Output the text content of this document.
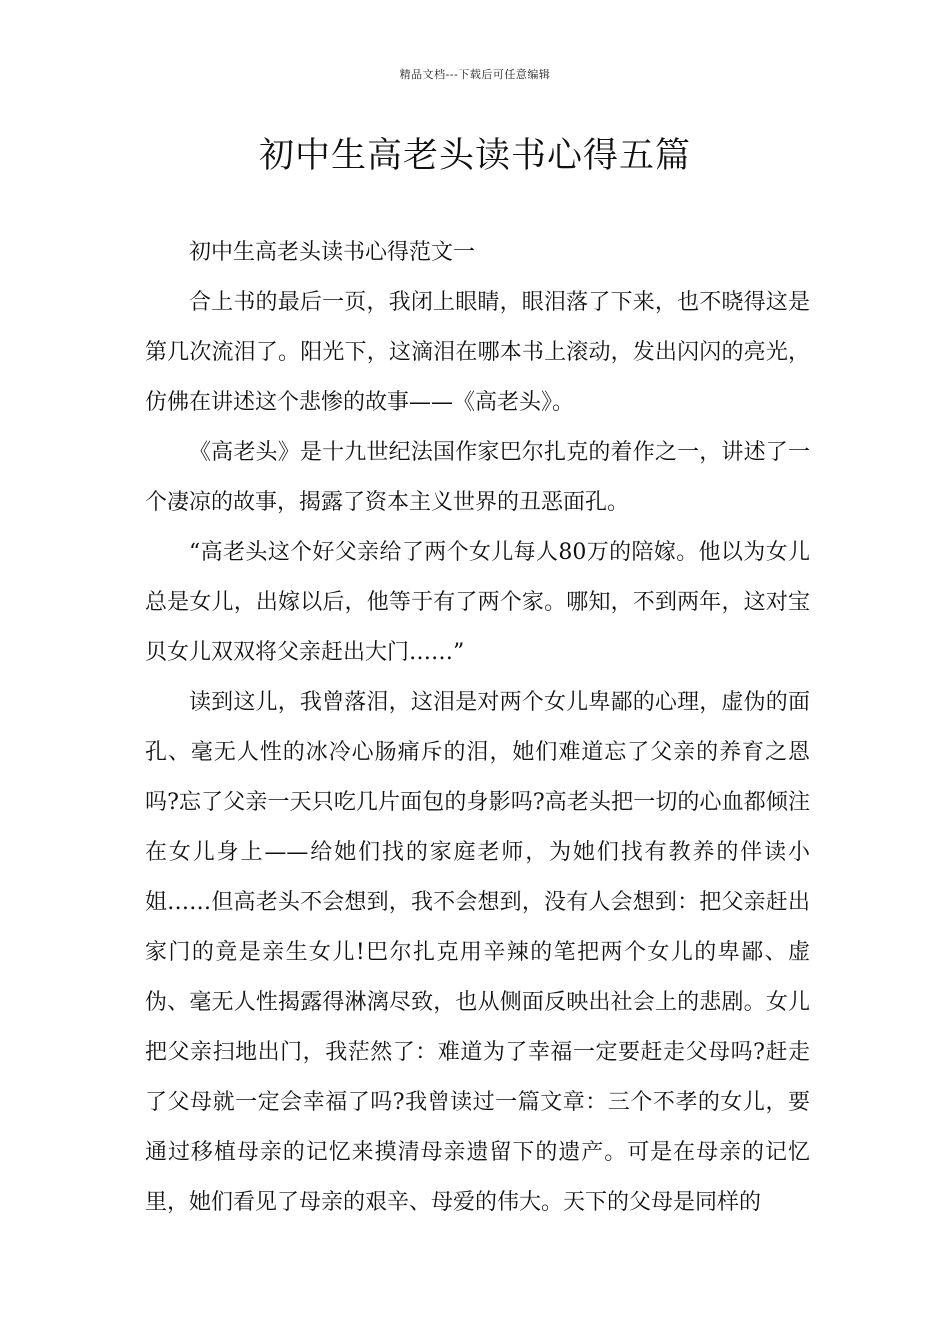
精品文档---下载后可任意编辑
初中生高老头读书心得五篇

初中生高老头读书心得范文一

合上书的最后一页，我闭上眼睛，眼泪落了下来，也不晓得这是第几次流泪了。阳光下，这滴泪在哪本书上滚动，发出闪闪的亮光，仿佛在讲述这个悲惨的故事——《高老头》。

《高老头》是十九世纪法国作家巴尔扎克的着作之一，讲述了一个凄凉的故事，揭露了资本主义世界的丑恶面孔。

“高老头这个好父亲给了两个女儿每人80万的陪嫁。他以为女儿总是女儿，出嫁以后，他等于有了两个家。哪知，不到两年，这对宝贝女儿双双将父亲赶出大门……”

读到这儿，我曾落泪，这泪是对两个女儿卑鄙的心理，虚伪的面孔、毫无人性的冰冷心肠痛斥的泪，她们难道忘了父亲的养育之恩吗?忘了父亲一天只吃几片面包的身影吗?高老头把一切的心血都倾注在女儿身上——给她们找的家庭老师，为她们找有教养的伴读小姐……但高老头不会想到，我不会想到，没有人会想到：把父亲赶出家门的竟是亲生女儿!巴尔扎克用辛辣的笔把两个女儿的卑鄙、虚伪、毫无人性揭露得淋漓尽致，也从侧面反映出社会上的悲剧。女儿把父亲扫地出门，我茫然了：难道为了幸福一定要赶走父母吗?赶走了父母就一定会幸福了吗?我曾读过一篇文章：三个不孝的女儿，要通过移植母亲的记忆来摸清母亲遗留下的遗产。可是在母亲的记忆里，她们看见了母亲的艰辛、母爱的伟大。天下的父母是同样的
